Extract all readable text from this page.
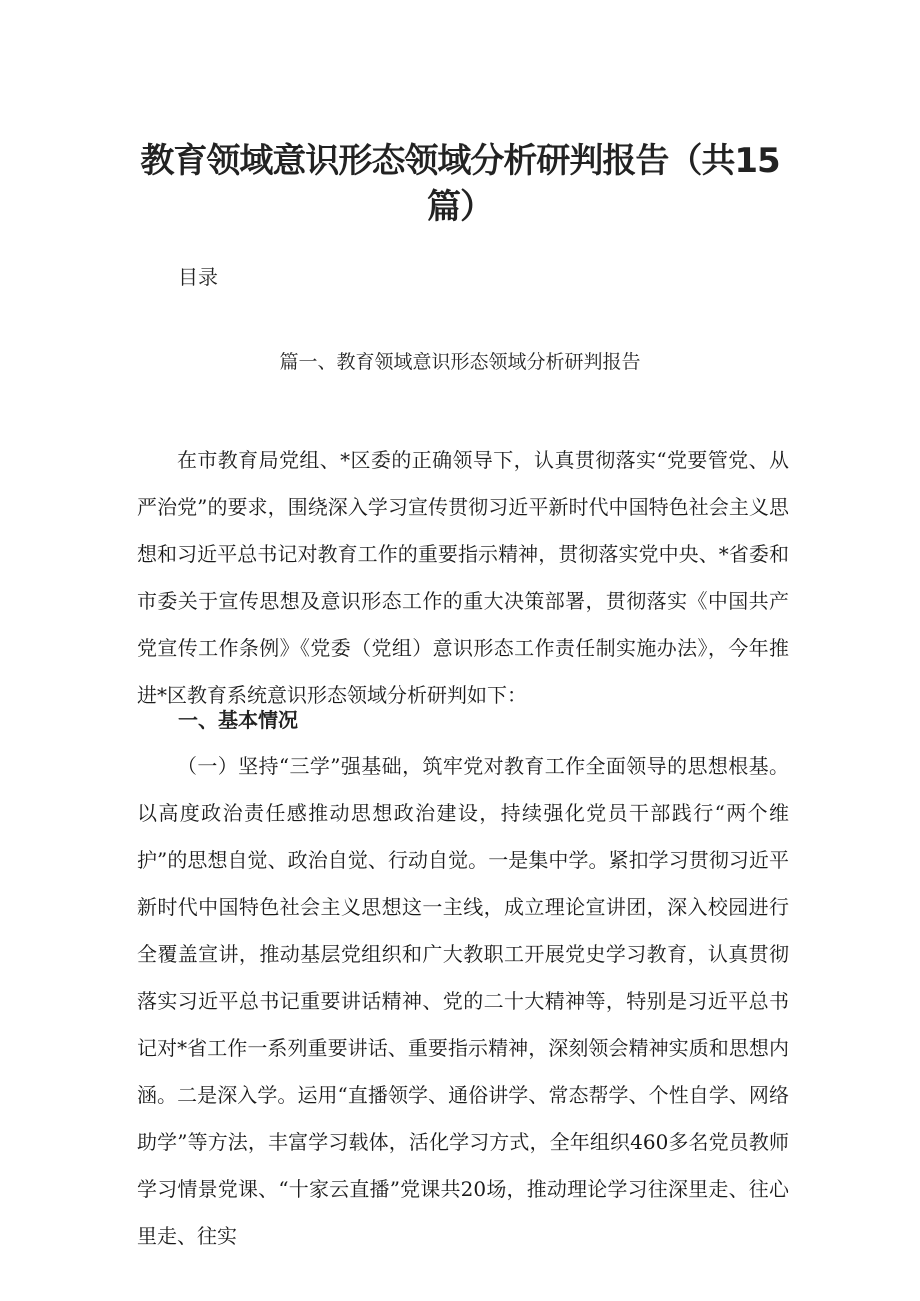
教育领域意识形态领域分析研判报告（共15篇）
目录
篇一、教育领域意识形态领域分析研判报告

在市教育局党组、*区委的正确领导下，认真贯彻落实“党要管党、从严治党”的要求，围绕深入学习宣传贯彻习近平新时代中国特色社会主义思想和习近平总书记对教育工作的重要指示精神，贯彻落实党中央、*省委和市委关于宣传思想及意识形态工作的重大决策部署，贯彻落实《中国共产党宣传工作条例》《党委（党组）意识形态工作责任制实施办法》，今年推进*区教育系统意识形态领域分析研判如下：

一、基本情况

（一）坚持“三学”强基础，筑牢党对教育工作全面领导的思想根基。以高度政治责任感推动思想政治建设，持续强化党员干部践行“两个维护”的思想自觉、政治自觉、行动自觉。一是集中学。紧扣学习贯彻习近平新时代中国特色社会主义思想这一主线，成立理论宣讲团，深入校园进行全覆盖宣讲，推动基层党组织和广大教职工开展党史学习教育，认真贯彻落实习近平总书记重要讲话精神、党的二十大精神等，特别是习近平总书记对*省工作一系列重要讲话、重要指示精神，深刻领会精神实质和思想内涵。二是深入学。运用“直播领学、通俗讲学、常态帮学、个性自学、网络助学”等方法，丰富学习载体，活化学习方式，全年组织460多名党员教师学习情景党课、“十家云直播”党课共20场，推动理论学习往深里走、往心里走、往实
